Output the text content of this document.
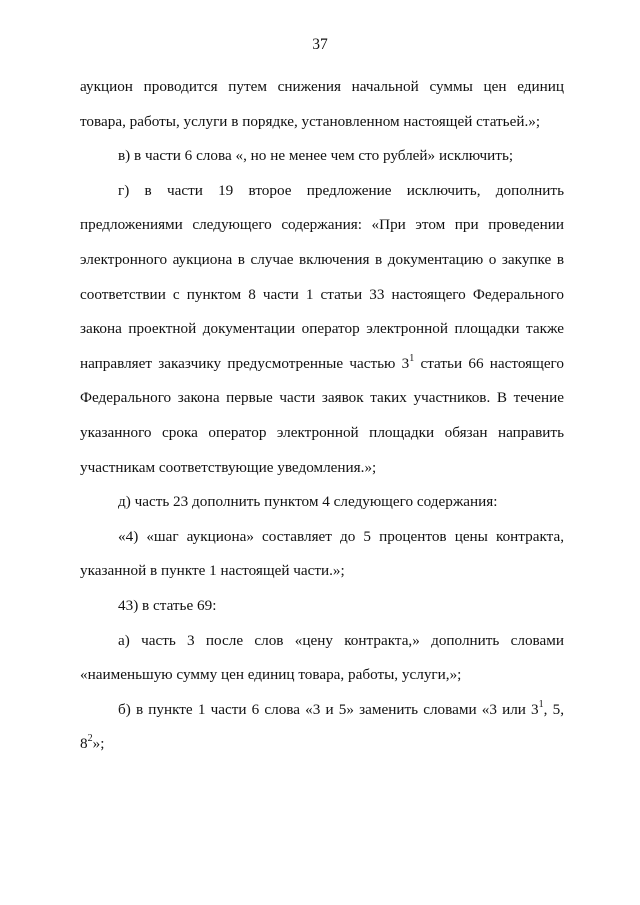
37

аукцион проводится путем снижения начальной суммы цен единиц товара, работы, услуги в порядке, установленном настоящей статьей.»;

в) в части 6 слова «, но не менее чем сто рублей» исключить;

г) в части 19 второе предложение исключить, дополнить предложениями следующего содержания: «При этом при проведении электронного аукциона в случае включения в документацию о закупке в соответствии с пунктом 8 части 1 статьи 33 настоящего Федерального закона проектной документации оператор электронной площадки также направляет заказчику предусмотренные частью $3^1$ статьи 66 настоящего Федерального закона первые части заявок таких участников. В течение указанного срока оператор электронной площадки обязан направить участникам соответствующие уведомления.»;

д) часть 23 дополнить пунктом 4 следующего содержания:

«4) «шаг аукциона» составляет до 5 процентов цены контракта, указанной в пункте 1 настоящей части.»;

43) в статье 69:

а) часть 3 после слов «цену контракта,» дополнить словами «наименьшую сумму цен единиц товара, работы, услуги,»;

б) в пункте 1 части 6 слова «3 и 5» заменить словами «3 или $3^1$, 5, $8^2$»;
